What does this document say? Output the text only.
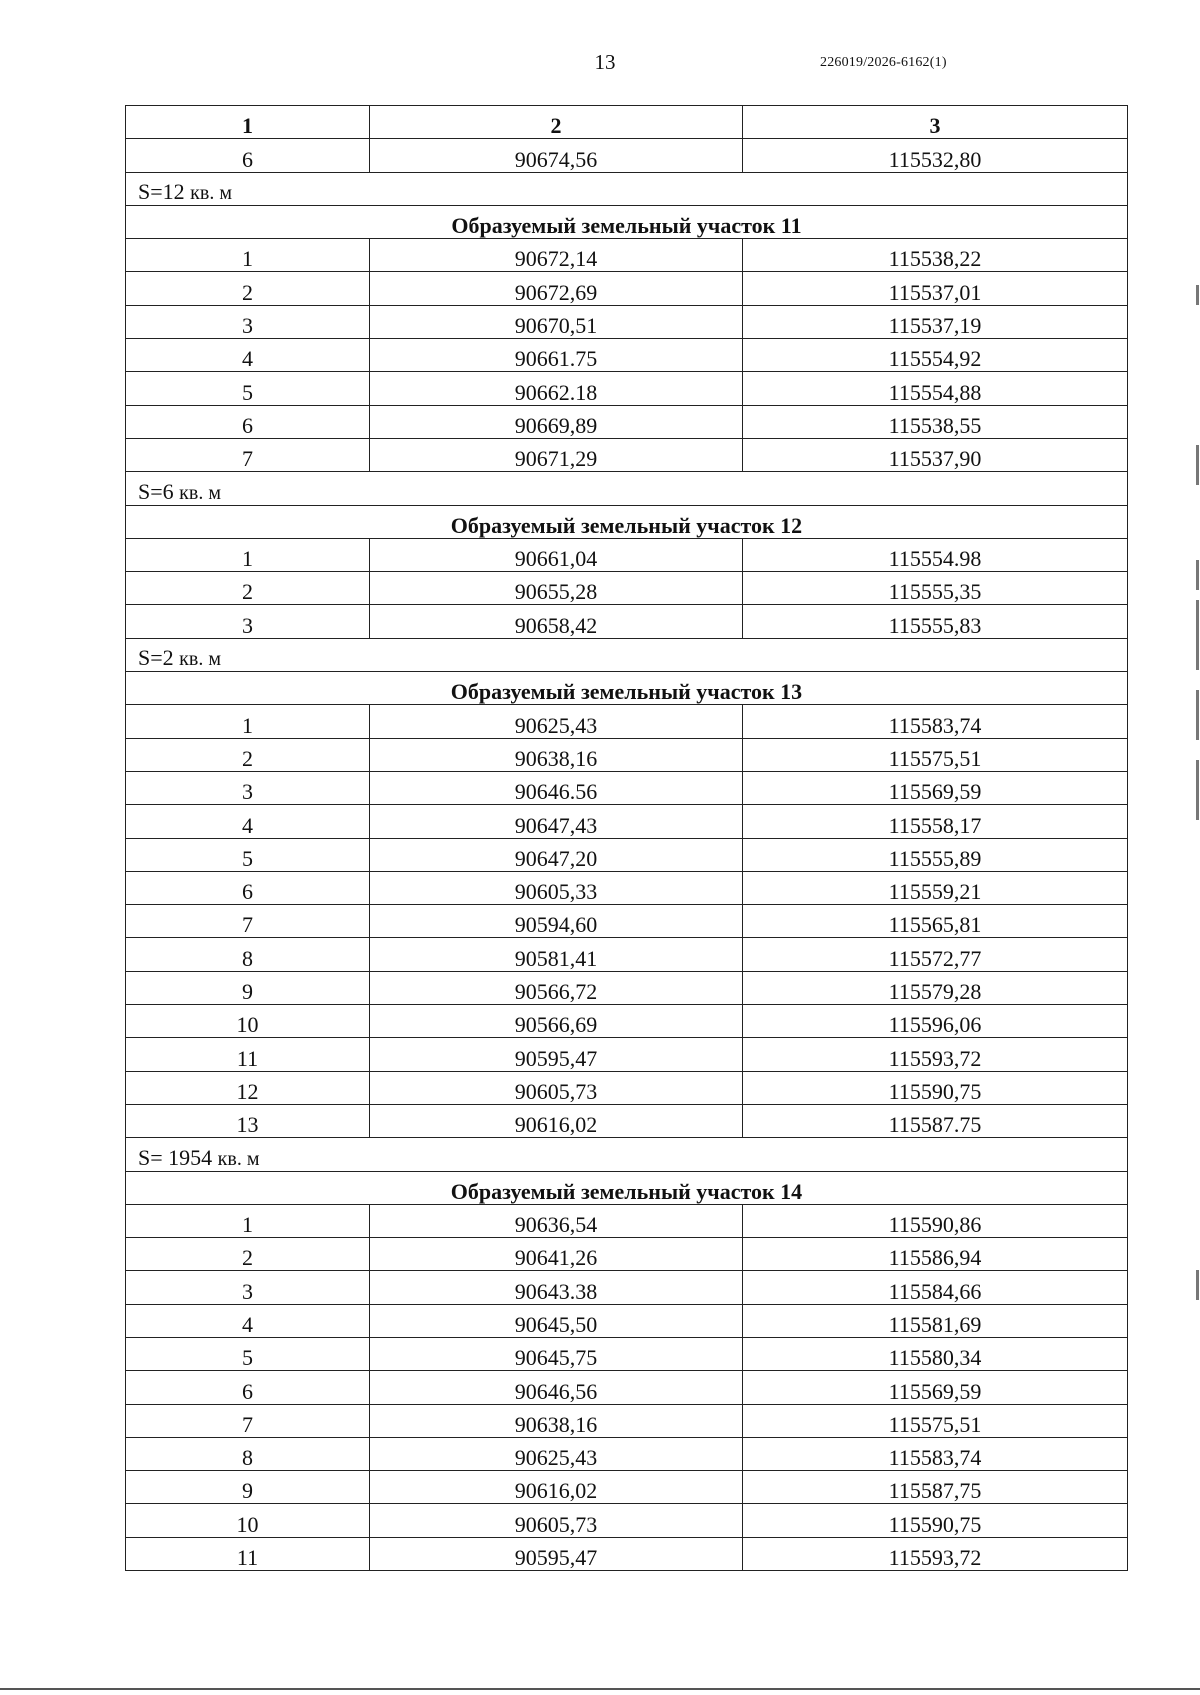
13	226019/2026-6162(1)
1	2	3
6	90674,56	115532,80
S=12 кв. м		
Образуемый земельный участок 11		
1	90672,14	115538,22
2	90672,69	115537,01
3	90670,51	115537,19
4	90661.75	115554,92
5	90662.18	115554,88
6	90669,89	115538,55
7	90671,29	115537,90
S=6 кв. м		
Образуемый земельный участок 12		
1	90661,04	115554.98
2	90655,28	115555,35
3	90658,42	115555,83
S=2 кв. м		
Образуемый земельный участок 13		
1	90625,43	115583,74
2	90638,16	115575,51
3	90646.56	115569,59
4	90647,43	115558,17
5	90647,20	115555,89
6	90605,33	115559,21
7	90594,60	115565,81
8	90581,41	115572,77
9	90566,72	115579,28
10	90566,69	115596,06
11	90595,47	115593,72
12	90605,73	115590,75
13	90616,02	115587.75
S= 1954 кв. м		
Образуемый земельный участок 14		
1	90636,54	115590,86
2	90641,26	115586,94
3	90643.38	115584,66
4	90645,50	115581,69
5	90645,75	115580,34
6	90646,56	115569,59
7	90638,16	115575,51
8	90625,43	115583,74
9	90616,02	115587,75
10	90605,73	115590,75
11	90595,47	115593,72
